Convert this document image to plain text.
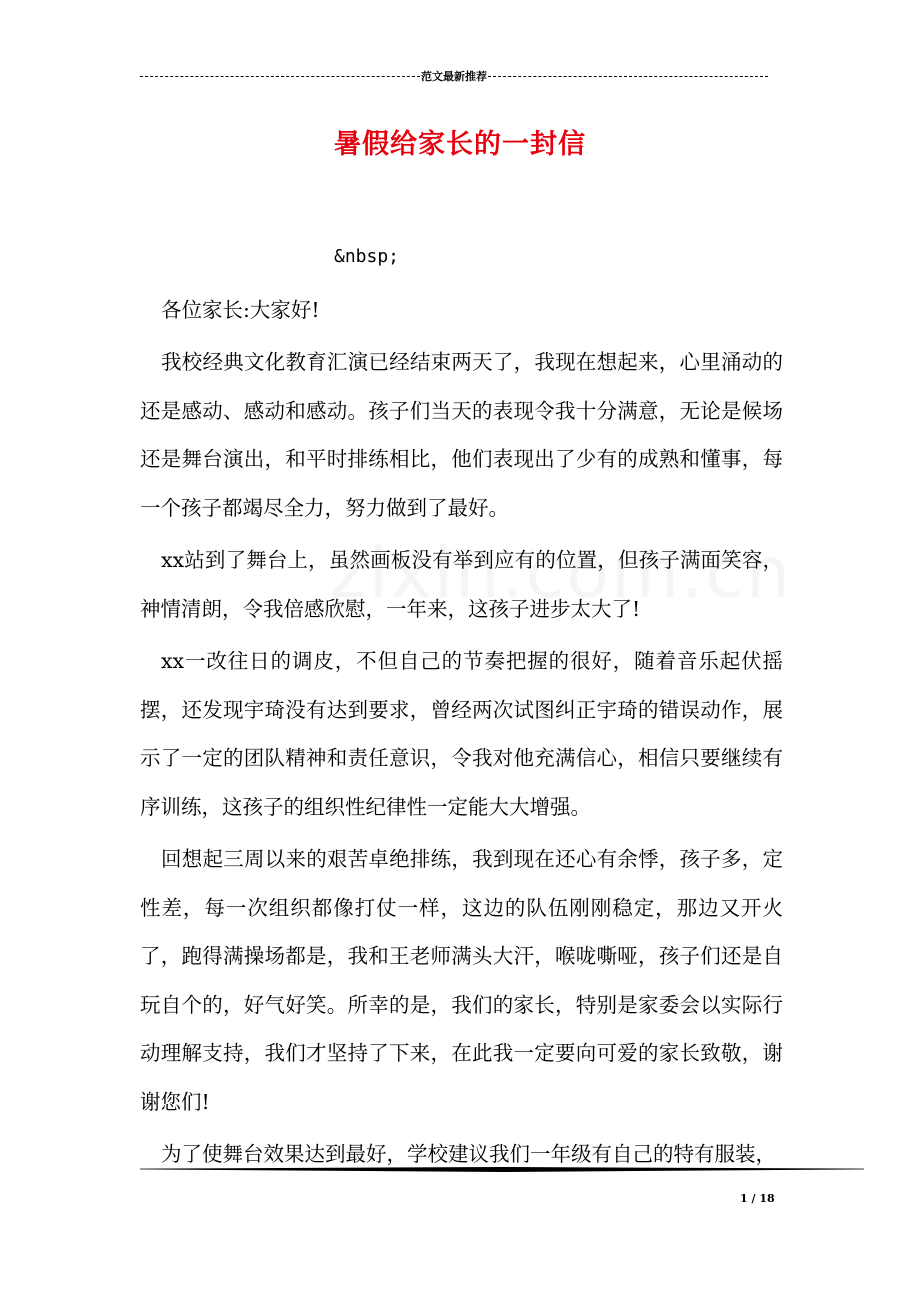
范文最新推荐
暑假给家长的一封信

&nbsp;

各位家长:大家好!

我校经典文化教育汇演已经结束两天了，我现在想起来，心里涌动的还是感动、感动和感动。孩子们当天的表现令我十分满意，无论是候场还是舞台演出，和平时排练相比，他们表现出了少有的成熟和懂事，每一个孩子都竭尽全力，努力做到了最好。

xx站到了舞台上，虽然画板没有举到应有的位置，但孩子满面笑容，神情清朗，令我倍感欣慰，一年来，这孩子进步太大了!

xx一改往日的调皮，不但自己的节奏把握的很好，随着音乐起伏摇摆，还发现宇琦没有达到要求，曾经两次试图纠正宇琦的错误动作，展示了一定的团队精神和责任意识，令我对他充满信心，相信只要继续有序训练，这孩子的组织性纪律性一定能大大增强。

回想起三周以来的艰苦卓绝排练，我到现在还心有余悸，孩子多，定性差，每一次组织都像打仗一样，这边的队伍刚刚稳定，那边又开火了，跑得满操场都是，我和王老师满头大汗，喉咙嘶哑，孩子们还是自玩自个的，好气好笑。所幸的是，我们的家长，特别是家委会以实际行动理解支持，我们才坚持了下来，在此我一定要向可爱的家长致敬，谢谢您们!

为了使舞台效果达到最好，学校建议我们一年级有自己的特有服装，

1 / 18
